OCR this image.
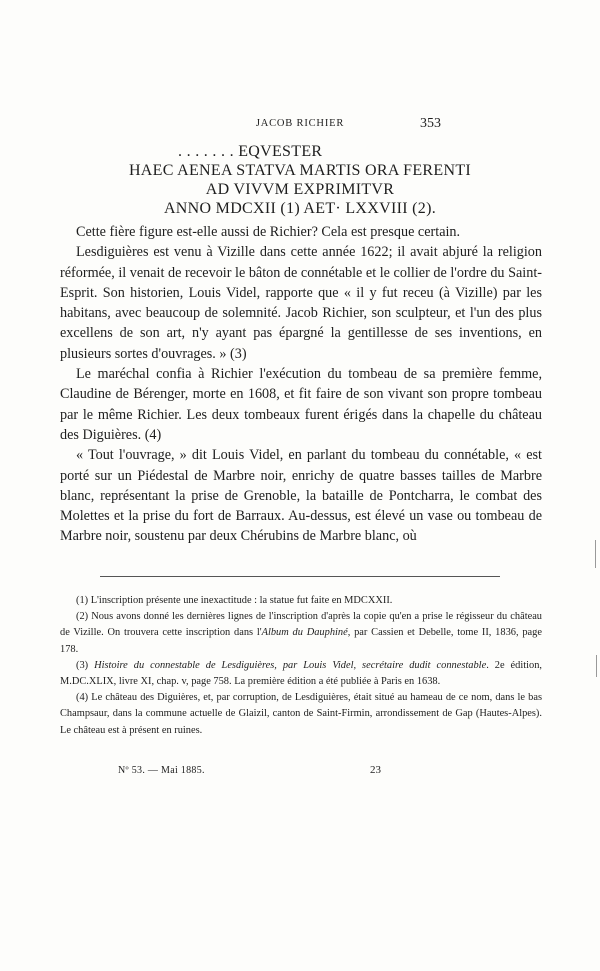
JACOB RICHIER	353
. . . . . . . EQVESTER
HAEC AENEA STATVA MARTIS ORA FERENTI
AD VIVVM EXPRIMITVR
ANNO MDCXII (1) AET· LXXVIII (2).

Cette fière figure est-elle aussi de Richier? Cela est presque certain.

Lesdiguières est venu à Vizille dans cette année 1622; il avait abjuré la religion réformée, il venait de recevoir le bâton de connétable et le collier de l'ordre du Saint-Esprit. Son historien, Louis Videl, rapporte que « il y fut receu (à Vizille) par les habitans, avec beaucoup de solemnité. Jacob Richier, son sculpteur, et l'un des plus excellens de son art, n'y ayant pas épargné la gentillesse de ses inventions, en plusieurs sortes d'ouvrages. » (3)

Le maréchal confia à Richier l'exécution du tombeau de sa première femme, Claudine de Bérenger, morte en 1608, et fit faire de son vivant son propre tombeau par le même Richier. Les deux tombeaux furent érigés dans la chapelle du château des Diguières. (4)

« Tout l'ouvrage, » dit Louis Videl, en parlant du tombeau du connétable, « est porté sur un Piédestal de Marbre noir, enrichy de quatre basses tailles de Marbre blanc, représentant la prise de Grenoble, la bataille de Pontcharra, le combat des Molettes et la prise du fort de Barraux. Au-dessus, est élevé un vase ou tombeau de Marbre noir, soustenu par deux Chérubins de Marbre blanc, où

(1) L'inscription présente une inexactitude : la statue fut faite en MDCXXII.

(2) Nous avons donné les dernières lignes de l'inscription d'après la copie qu'en a prise le régisseur du château de Vizille. On trouvera cette inscription dans l'Album du Dauphiné, par Cassien et Debelle, tome II, 1836, page 178.

(3) Histoire du connestable de Lesdiguières, par Louis Videl, secrétaire dudit connestable. 2e édition, M.DC.XLIX, livre XI, chap. v, page 758. La première édition a été publiée à Paris en 1638.

(4) Le château des Diguières, et, par corruption, de Lesdiguières, était situé au hameau de ce nom, dans le bas Champsaur, dans la commune actuelle de Glaizil, canton de Saint-Firmin, arrondissement de Gap (Hautes-Alpes). Le château est à présent en ruines.

Nº 53. — Mai 1885.	23
